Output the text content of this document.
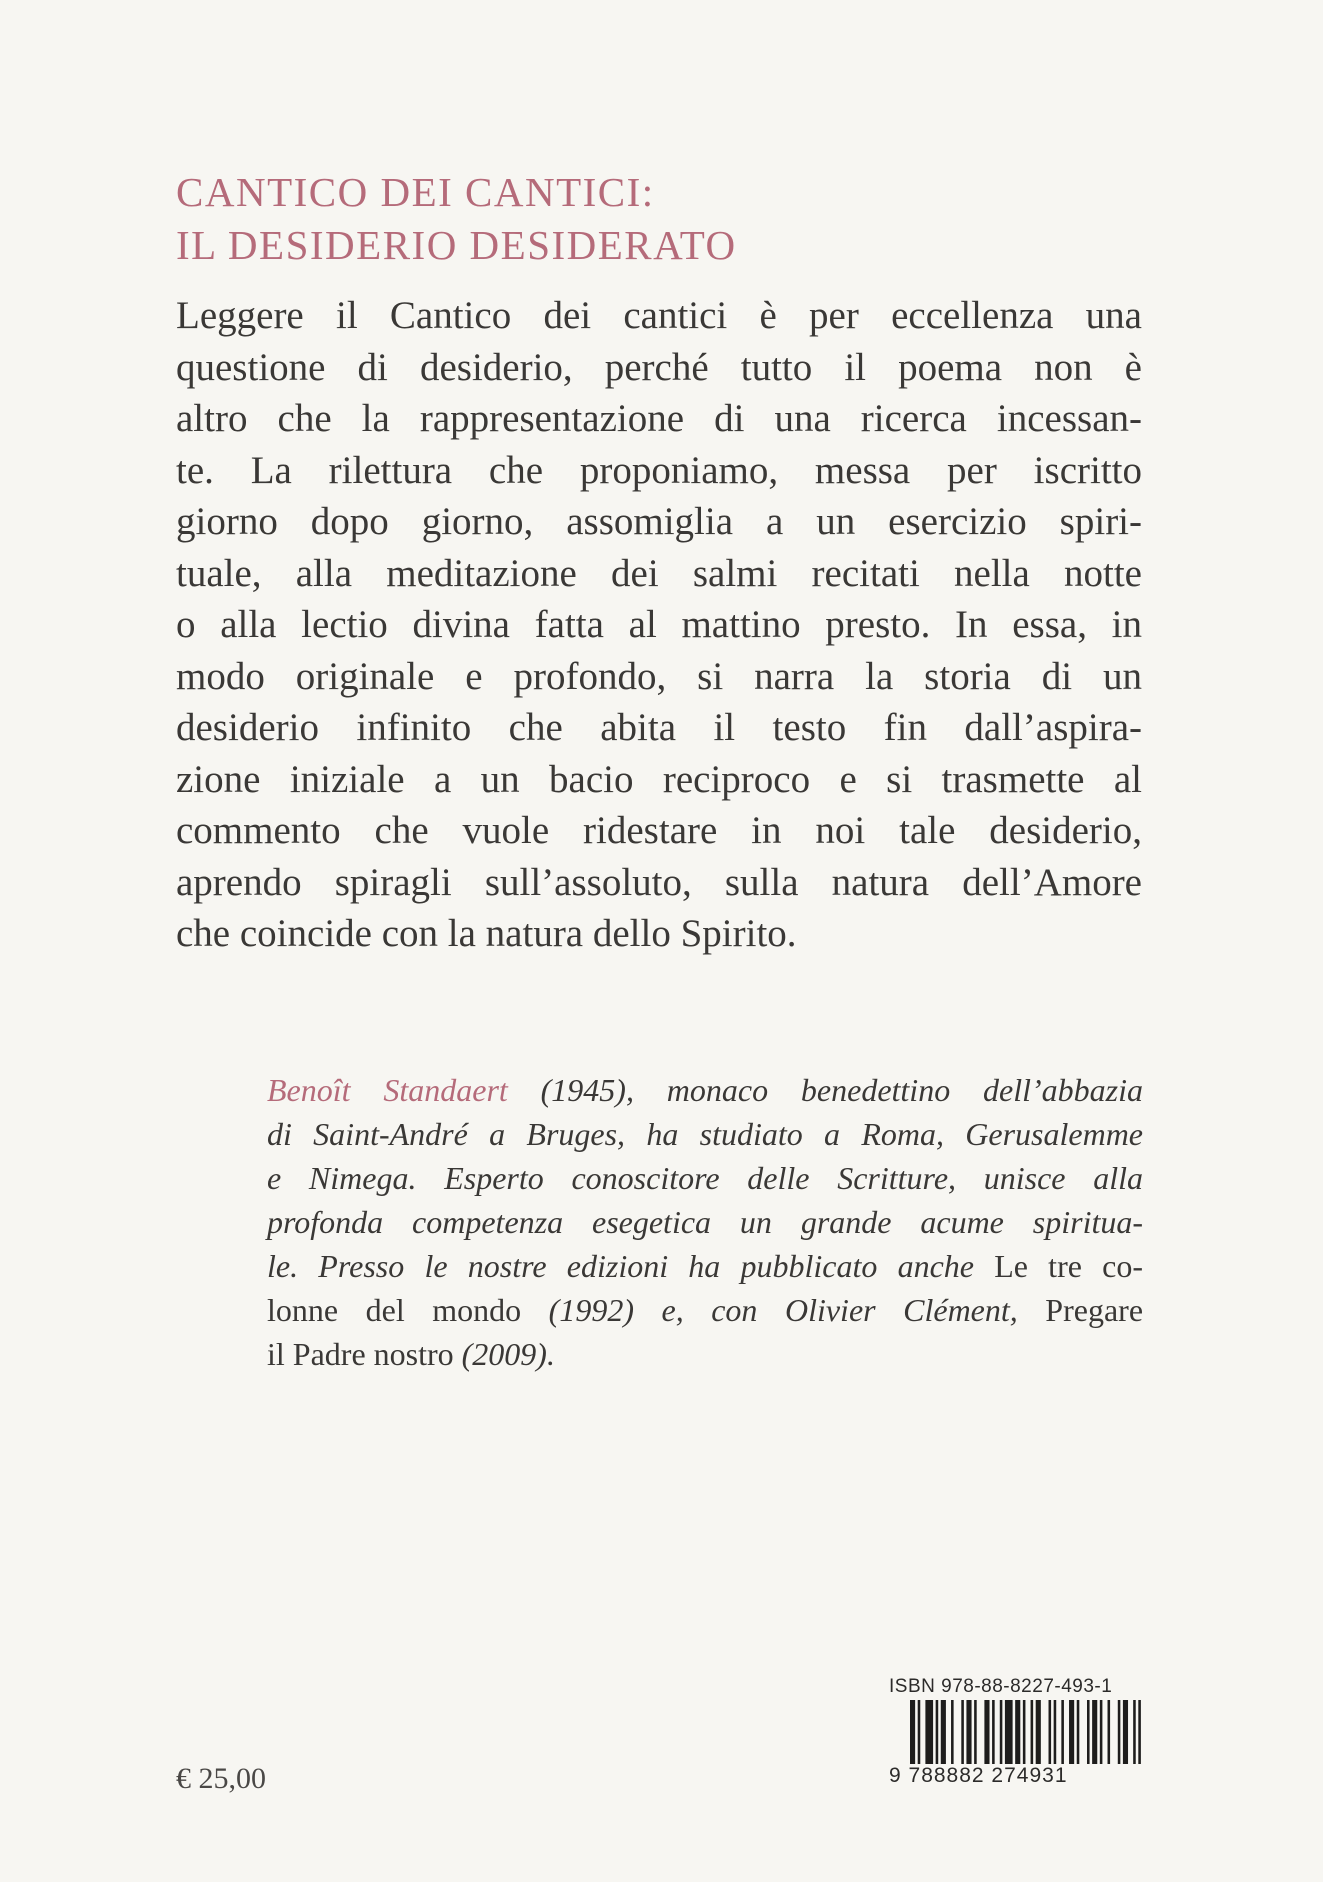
CANTICO DEI CANTICI:
IL DESIDERIO DESIDERATO
Leggere il Cantico dei cantici è per eccellenza una
questione di desiderio, perché tutto il poema non è
altro che la rappresentazione di una ricerca incessan-
te. La rilettura che proponiamo, messa per iscritto
giorno dopo giorno, assomiglia a un esercizio spiri-
tuale, alla meditazione dei salmi recitati nella notte
o alla lectio divina fatta al mattino presto. In essa, in
modo originale e profondo, si narra la storia di un
desiderio infinito che abita il testo fin dall’aspira-
zione iniziale a un bacio reciproco e si trasmette al
commento che vuole ridestare in noi tale desiderio,
aprendo spiragli sull’assoluto, sulla natura dell’Amore
che coincide con la natura dello Spirito.
Benoît Standaert (1945), monaco benedettino dell’abbazia
di Saint-André a Bruges, ha studiato a Roma, Gerusalemme
e Nimega. Esperto conoscitore delle Scritture, unisce alla
profonda competenza esegetica un grande acume spiritua-
le. Presso le nostre edizioni ha pubblicato anche Le tre co-
lonne del mondo (1992) e, con Olivier Clément, Pregare
il Padre nostro (2009).
ISBN 978-88-8227-493-1
9 788882 274931
€ 25,00
